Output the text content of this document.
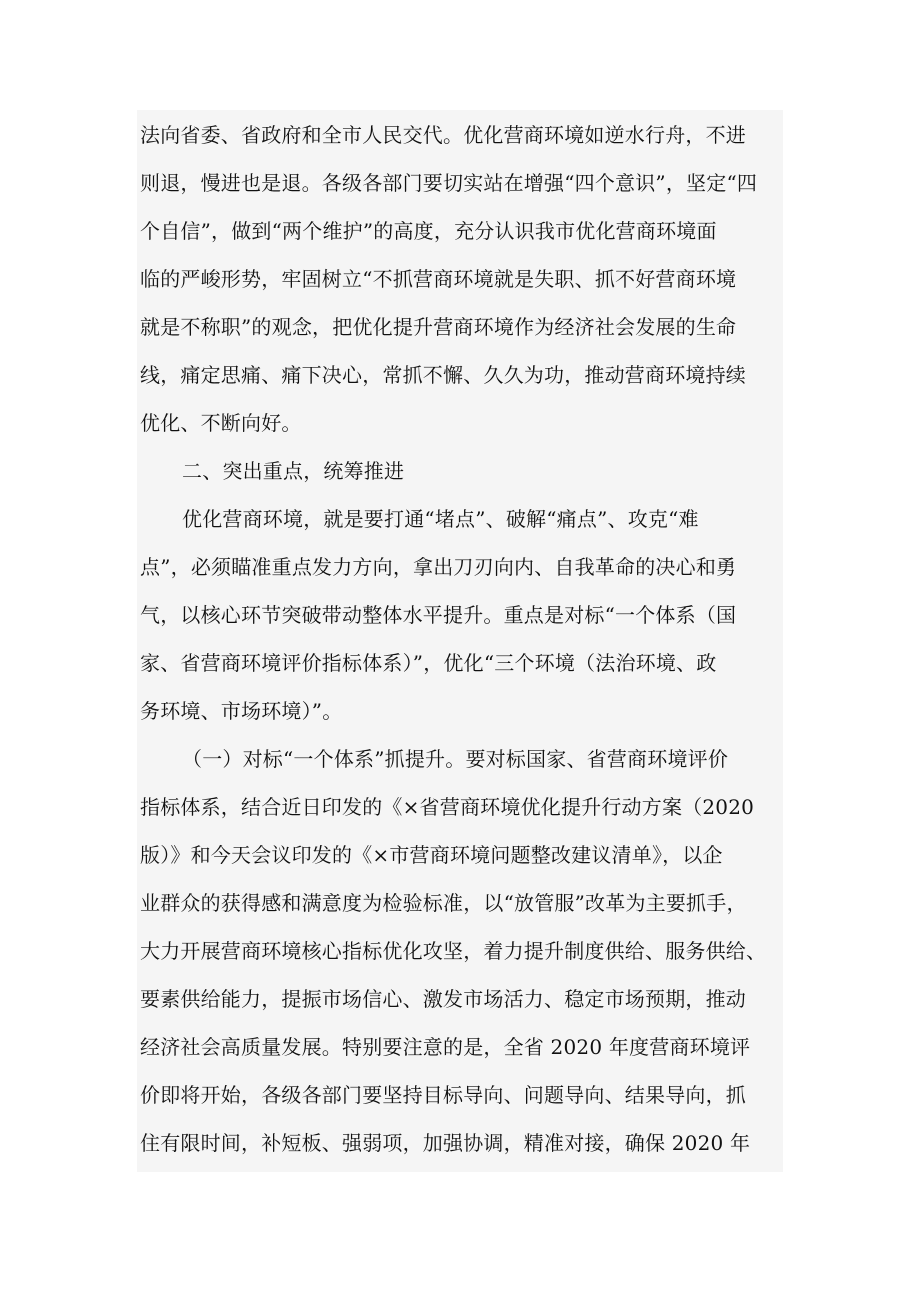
法向省委、省政府和全市人民交代。优化营商环境如逆水行舟，不进
则退，慢进也是退。各级各部门要切实站在增强“四个意识”，坚定“四
个自信”，做到“两个维护”的高度，充分认识我市优化营商环境面
临的严峻形势，牢固树立“不抓营商环境就是失职、抓不好营商环境
就是不称职”的观念，把优化提升营商环境作为经济社会发展的生命
线，痛定思痛、痛下决心，常抓不懈、久久为功，推动营商环境持续
优化、不断向好。
二、突出重点，统筹推进
优化营商环境，就是要打通“堵点”、破解“痛点”、攻克“难
点”，必须瞄准重点发力方向，拿出刀刃向内、自我革命的决心和勇
气，以核心环节突破带动整体水平提升。重点是对标“一个体系（国
家、省营商环境评价指标体系）”，优化“三个环境（法治环境、政
务环境、市场环境）”。
（一）对标“一个体系”抓提升。要对标国家、省营商环境评价
指标体系，结合近日印发的《×省营商环境优化提升行动方案（2020
版）》和今天会议印发的《×市营商环境问题整改建议清单》，以企
业群众的获得感和满意度为检验标准，以“放管服”改革为主要抓手，
大力开展营商环境核心指标优化攻坚，着力提升制度供给、服务供给、
要素供给能力，提振市场信心、激发市场活力、稳定市场预期，推动
经济社会高质量发展。特别要注意的是，全省 2020 年度营商环境评
价即将开始，各级各部门要坚持目标导向、问题导向、结果导向，抓
住有限时间，补短板、强弱项，加强协调，精准对接，确保 2020 年
